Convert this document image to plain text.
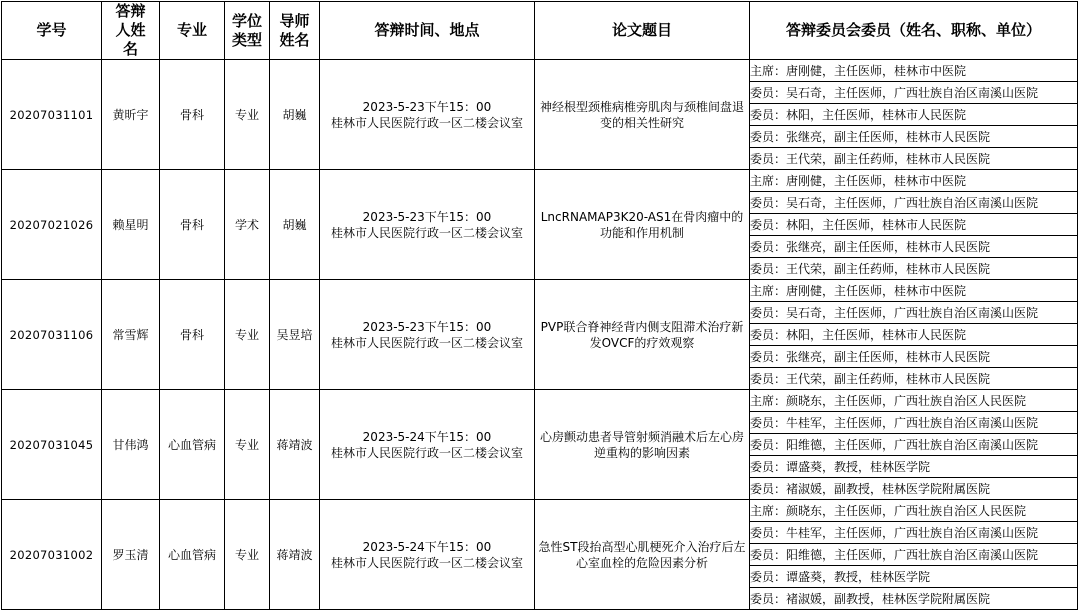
学号	答辩人姓名	专业	学位类型	导师姓名	答辩时间、地点	论文题目	答辩委员会委员（姓名、职称、单位）
20207031101	黄昕宇	骨科	专业	胡巍	2023-5-23下午15：00
桂林市人民医院行政一区二楼会议室	神经根型颈椎病椎旁肌肉与颈椎间盘退变的相关性研究	主席：唐刚健，主任医师，桂林市中医院
							委员：吴石奇，主任医师，广西壮族自治区南溪山医院
							委员：林阳，主任医师，桂林市人民医院
							委员：张继亮，副主任医师，桂林市人民医院
							委员：王代荣，副主任药师，桂林市人民医院
20207021026	赖星明	骨科	学术	胡巍	2023-5-23下午15：00
桂林市人民医院行政一区二楼会议室	LncRNAMAP3K20-AS1在骨肉瘤中的功能和作用机制	主席：唐刚健，主任医师，桂林市中医院
							委员：吴石奇，主任医师，广西壮族自治区南溪山医院
							委员：林阳，主任医师，桂林市人民医院
							委员：张继亮，副主任医师，桂林市人民医院
							委员：王代荣，副主任药师，桂林市人民医院
20207031106	常雪辉	骨科	专业	吴昱培	2023-5-23下午15：00
桂林市人民医院行政一区二楼会议室	PVP联合脊神经背内侧支阻滞术治疗新发OVCF的疗效观察	主席：唐刚健，主任医师，桂林市中医院
							委员：吴石奇，主任医师，广西壮族自治区南溪山医院
							委员：林阳，主任医师，桂林市人民医院
							委员：张继亮，副主任医师，桂林市人民医院
							委员：王代荣，副主任药师，桂林市人民医院
20207031045	甘伟鸿	心血管病	专业	蒋靖波	2023-5-24下午15：00
桂林市人民医院行政一区二楼会议室	心房颤动患者导管射频消融术后左心房逆重构的影响因素	主席：颜晓东，主任医师，广西壮族自治区人民医院
							委员：牛桂军，主任医师，广西壮族自治区南溪山医院
							委员：阳维德，主任医师，广西壮族自治区南溪山医院
							委员：谭盛葵，教授，桂林医学院
							委员：褚淑媛，副教授，桂林医学院附属医院
20207031002	罗玉清	心血管病	专业	蒋靖波	2023-5-24下午15：00
桂林市人民医院行政一区二楼会议室	急性ST段抬高型心肌梗死介入治疗后左心室血栓的危险因素分析	主席：颜晓东，主任医师，广西壮族自治区人民医院
							委员：牛桂军，主任医师，广西壮族自治区南溪山医院
							委员：阳维德，主任医师，广西壮族自治区南溪山医院
							委员：谭盛葵，教授，桂林医学院
							委员：褚淑媛，副教授，桂林医学院附属医院
